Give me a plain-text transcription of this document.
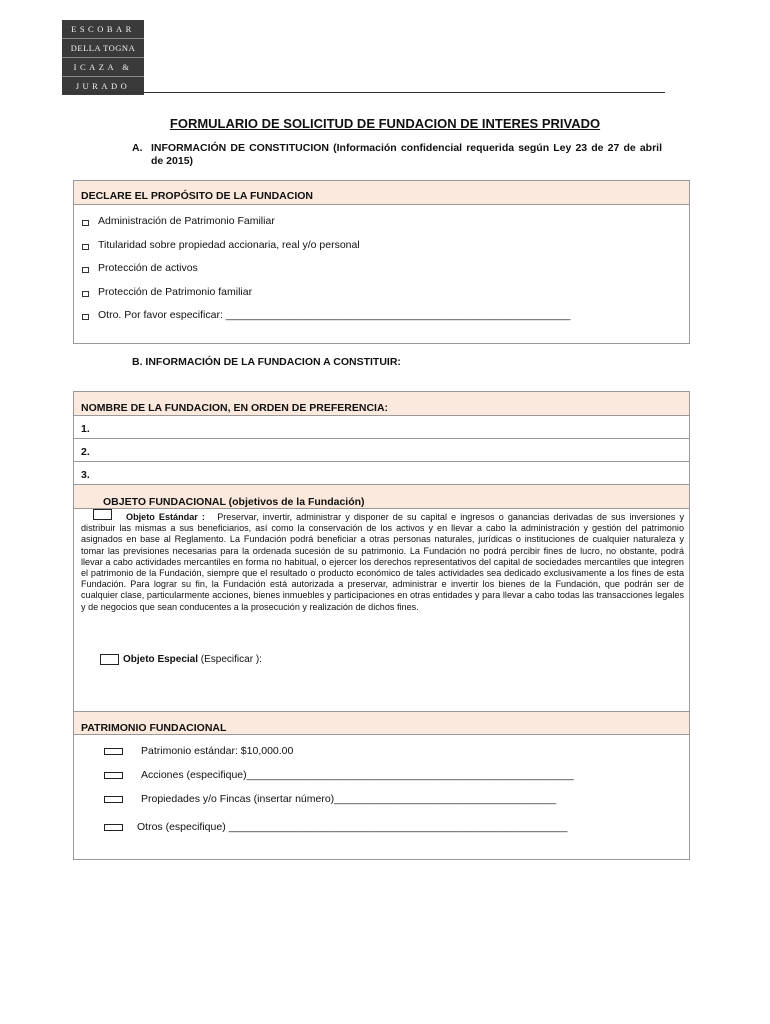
ESCOBAR
DELLA TOGNA
ICAZA &
JURADO
FORMULARIO DE SOLICITUD DE FUNDACION DE INTERES PRIVADO
A. INFORMACIÓN DE CONSTITUCION (Información confidencial requerida según Ley 23 de 27 de abril de 2015)
DECLARE EL PROPÓSITO DE LA FUNDACION
Administración de Patrimonio Familiar
Titularidad sobre propiedad accionaria, real y/o personal
Protección de activos
Protección de Patrimonio familiar
Otro. Por favor especificar: ___________________________________________________________
B. INFORMACIÓN DE LA FUNDACION A CONSTITUIR:
NOMBRE DE LA FUNDACION, EN ORDEN DE PREFERENCIA:
1.
2.
3.
OBJETO FUNDACIONAL (objetivos de la Fundación)
Objeto Estándar : Preservar, invertir, administrar y disponer de su capital e ingresos o ganancias derivadas de sus inversiones y distribuir las mismas a sus beneficiarios, así como la conservación de los activos y en llevar a cabo la administración y gestión del patrimonio asignados en base al Reglamento. La Fundación podrá beneficiar a otras personas naturales, jurídicas o instituciones de cualquier naturaleza y tomar las previsiones necesarias para la ordenada sucesión de su patrimonio. La Fundación no podrá percibir fines de lucro, no obstante, podrá llevar a cabo actividades mercantiles en forma no habitual, o ejercer los derechos representativos del capital de sociedades mercantiles que integren el patrimonio de la Fundación, siempre que el resultado o producto económico de tales actividades sea dedicado exclusivamente a los fines de esta Fundación. Para lograr su fin, la Fundación está autorizada a preservar, administrar e invertir los bienes de la Fundación, que podrán ser de cualquier clase, particularmente acciones, bienes inmuebles y participaciones en otras entidades y para llevar a cabo todas las transacciones legales y de negocios que sean conducentes a la prosecución y realización de dichos fines.
Objeto Especial (Especificar ):
PATRIMONIO FUNDACIONAL
Patrimonio estándar: $10,000.00
Acciones (especifique)________________________________________________________
Propiedades y/o Fincas (insertar número)______________________________________
Otros (especifique) __________________________________________________________
